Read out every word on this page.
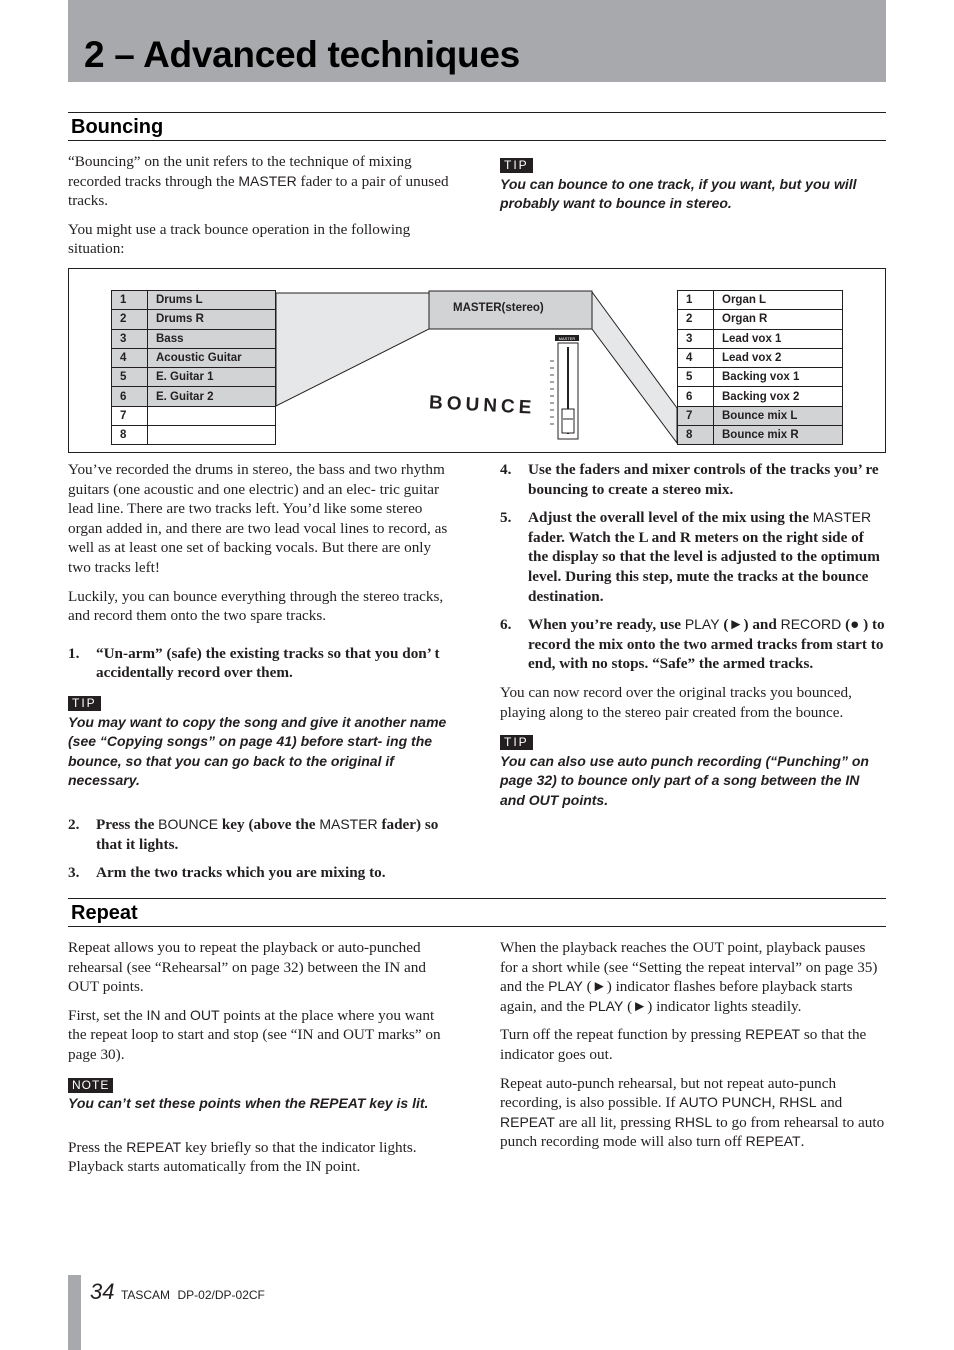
2 – Advanced techniques
Bouncing

“Bouncing” on the unit refers to the technique of mixing recorded tracks through the MASTER fader to a pair of unused tracks.

You might use a track bounce operation in the following situation:

TIP

You can bounce to one track, if you want, but you will probably want to bounce in stereo.

MASTER(stereo)
MASTER
BOUNCE
1	Drums L
2	Drums R
3	Bass
4	Acoustic Guitar
5	E. Guitar 1
6	E. Guitar 2
7	
8	
1	Organ L
2	Organ R
3	Lead vox 1
4	Lead vox 2
5	Backing vox 1
6	Backing vox 2
7	Bounce mix L
8	Bounce mix R

You’ve recorded the drums in stereo, the bass and two rhythm guitars (one acoustic and one electric) and an elec- tric guitar lead line. There are two tracks left. You’d like some stereo organ added in, and there are two lead vocal lines to record, as well as at least one set of backing vocals. But there are only two tracks left!

Luckily, you can bounce everything through the stereo tracks, and record them onto the two spare tracks.

1. “Un-arm” (safe) the existing tracks so that you don’ t accidentally record over them.
TIP

You may want to copy the song and give it another name (see “Copying songs” on page 41) before start- ing the bounce, so that you can go back to the original if necessary.

2. Press the BOUNCE key (above the MASTER fader) so that it lights.
3. Arm the two tracks which you are mixing to.
4. Use the faders and mixer controls of the tracks you’ re bouncing to create a stereo mix.
5. Adjust the overall level of the mix using the MASTER fader. Watch the L and R meters on the right side of the display so that the level is adjusted to the optimum level. During this step, mute the tracks at the bounce destination.
6. When you’re ready, use PLAY (►) and RECORD (● ) to record the mix onto the two armed tracks from start to end, with no stops. “Safe” the armed tracks.

You can now record over the original tracks you bounced, playing along to the stereo pair created from the bounce.

TIP

You can also use auto punch recording (“Punching” on page 32) to bounce only part of a song between the IN and OUT points.

Repeat

Repeat allows you to repeat the playback or auto-punched rehearsal (see “Rehearsal” on page 32) between the IN and OUT points.

First, set the IN and OUT points at the place where you want the repeat loop to start and stop (see “IN and OUT marks” on page 30).

NOTE

You can’t set these points when the REPEAT key is lit.

Press the REPEAT key briefly so that the indicator lights. Playback starts automatically from the IN point.

When the playback reaches the OUT point, playback pauses for a short while (see “Setting the repeat interval” on page 35) and the PLAY (►) indicator flashes before playback starts again, and the PLAY (►) indicator lights steadily.

Turn off the repeat function by pressing REPEAT so that the indicator goes out.

Repeat auto-punch rehearsal, but not repeat auto-punch recording, is also possible. If AUTO PUNCH, RHSL and REPEAT are all lit, pressing RHSL to go from rehearsal to auto punch recording mode will also turn off REPEAT.

34 TASCAM DP-02/DP-02CF
